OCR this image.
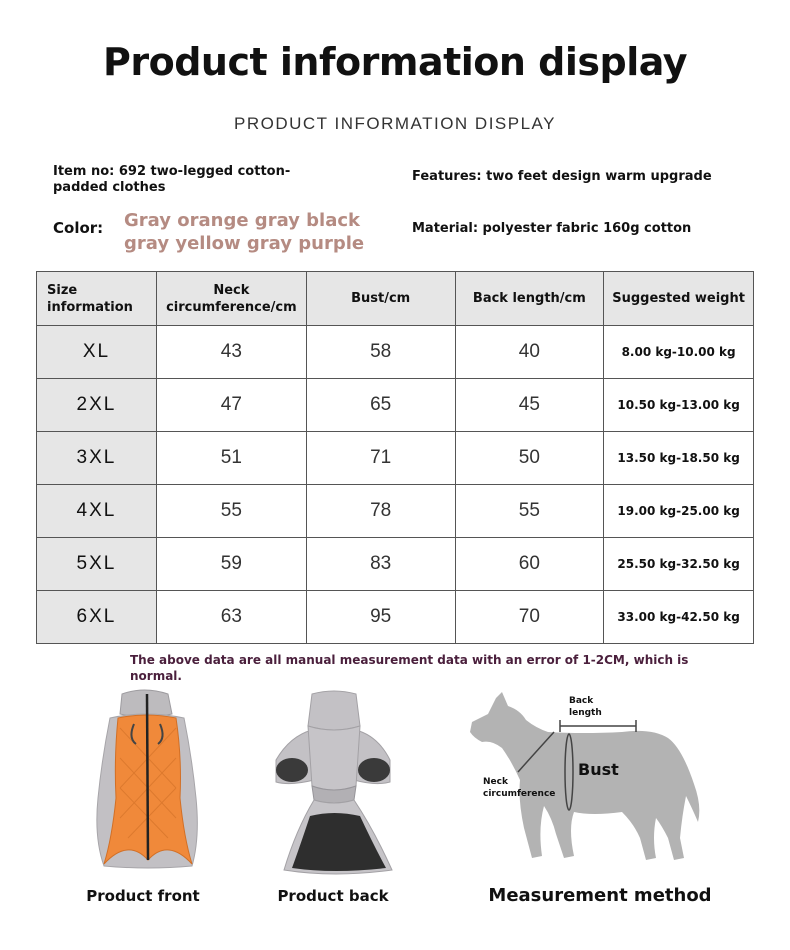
Product information display
PRODUCT INFORMATION DISPLAY
Item no: 692 two-legged cotton-padded clothes
Features: two feet design warm upgrade
Color: Gray orange gray black
gray yellow gray purple
Material: polyester fabric 160g cotton
Size information	Neck circumference/cm	Bust/cm	Back length/cm	Suggested weight
XL	43	58	40	8.00 kg-10.00 kg
2XL	47	65	45	10.50 kg-13.00 kg
3XL	51	71	50	13.50 kg-18.50 kg
4XL	55	78	55	19.00 kg-25.00 kg
5XL	59	83	60	25.50 kg-32.50 kg
6XL	63	95	70	33.00 kg-42.50 kg
The above data are all manual measurement data with an error of 1-2CM, which is normal.
Product front	Product back
Back length
Bust
Neck circumference
Measurement method
